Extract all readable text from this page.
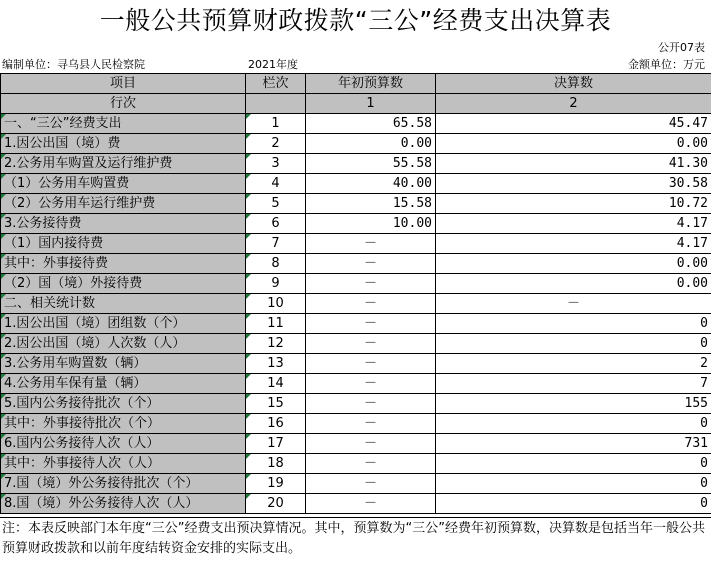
一般公共预算财政拨款“三公”经费支出决算表
公开07表
编制单位：寻乌县人民检察院	2021年度	金额单位：万元
项目	栏次	年初预算数	决算数
行次		1	2
一、“三公”经费支出	1	65.58	45.47
1.因公出国（境）费	2	0.00	0.00
2.公务用车购置及运行维护费	3	55.58	41.30
（1）公务用车购置费	4	40.00	30.58
（2）公务用车运行维护费	5	15.58	10.72
3.公务接待费	6	10.00	4.17
（1）国内接待费	7	－	4.17
其中：外事接待费	8	－	0.00
（2）国（境）外接待费	9	－	0.00
二、相关统计数	10	－	－
1.因公出国（境）团组数（个）	11	－	0
2.因公出国（境）人次数（人）	12	－	0
3.公务用车购置数（辆）	13	－	2
4.公务用车保有量（辆）	14	－	7
5.国内公务接待批次（个）	15	－	155
其中：外事接待批次（个）	16	－	0
6.国内公务接待人次（人）	17	－	731
其中：外事接待人次（人）	18	－	0
7.国（境）外公务接待批次（个）	19	－	0
8.国（境）外公务接待人次（人）	20	－	0
注：本表反映部门本年度“三公”经费支出预决算情况。其中，预算数为“三公”经费年初预算数，决算数是包括当年一般公共预算财政拨款和以前年度结转资金安排的实际支出。
